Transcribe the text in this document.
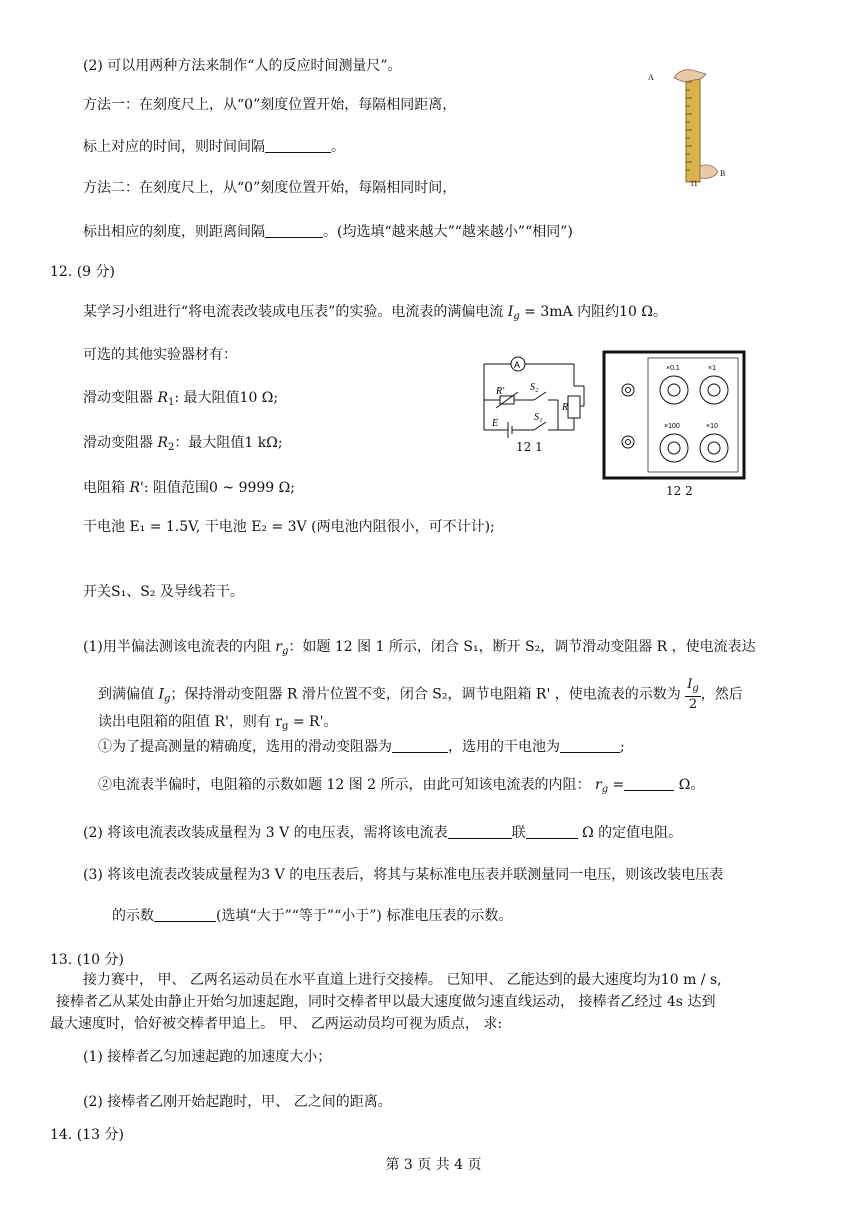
(2) 可以用两种方法来制作“人的反应时间测量尺”。
方法一：在刻度尺上，从“0”刻度位置开始，每隔相同距离，
标上对应的时间，则时间间隔	。
方法二：在刻度尺上，从“0”刻度位置开始，每隔相同时间，
标出相应的刻度，则距离间隔	。(均选填“越来越大”“越来越小”“相同”)
A
B
11
12. (9 分)
某学习小组进行“将电流表改装成电压表”的实验。电流表的满偏电流 $I_g = 3mA$ 内阻约10 Ω。
可选的其他实验器材有：
滑动变阻器 $R_1$: 最大阻值10 Ω;
滑动变阻器 $R_2$：最大阻值1 kΩ;
电阻箱 R': 阻值范围0 ~ 9999 Ω;
干电池 E₁ = 1.5V, 干电池 E₂ = 3V (两电池内阻很小，可不计计);
开关S₁、S₂ 及导线若干。
A
R'	S₂
S₁
R
E
12 1
×0.1	×1
×100	×10
12 2
(1)用半偏法测该电流表的内阻 $r_g$：如题 12 图 1 所示，闭合 S₁，断开 S₂，调节滑动变阻器 R ，使电流表达
到满偏值 $I_g$；保持滑动变阻器 R 滑片位置不变，闭合 S₂，调节电阻箱 R' ，使电流表的示数为 $\frac{I_g}{2}$ ，然后
读出电阻箱的阻值 R'，则有 $r_g = R'$。
①为了提高测量的精确度，选用的滑动变阻器为	，选用的干电池为	;
②电流表半偏时，电阻箱的示数如题 12 图 2 所示，由此可知该电流表的内阻： $r_g$ =	Ω。
(2) 将该电流表改装成量程为 3 V 的电压表，需将该电流表	联	Ω 的定值电阻。
(3) 将该电流表改装成量程为3 V 的电压表后，将其与某标准电压表并联测量同一电压，则该改装电压表
的示数	(选填“大于”“等于”“小于”) 标准电压表的示数。
13. (10 分)
接力赛中， 甲、 乙两名运动员在水平直道上进行交接棒。 已知甲、 乙能达到的最大速度均为10 m / s,
接棒者乙从某处由静止开始匀加速起跑，同时交棒者甲以最大速度做匀速直线运动， 接棒者乙经过 4s 达到
最大速度时，恰好被交棒者甲追上。 甲、 乙两运动员均可视为质点， 求:
(1) 接棒者乙匀加速起跑的加速度大小；
(2) 接棒者乙刚开始起跑时，甲、 乙之间的距离。
14. (13 分)
第 3 页 共 4 页
